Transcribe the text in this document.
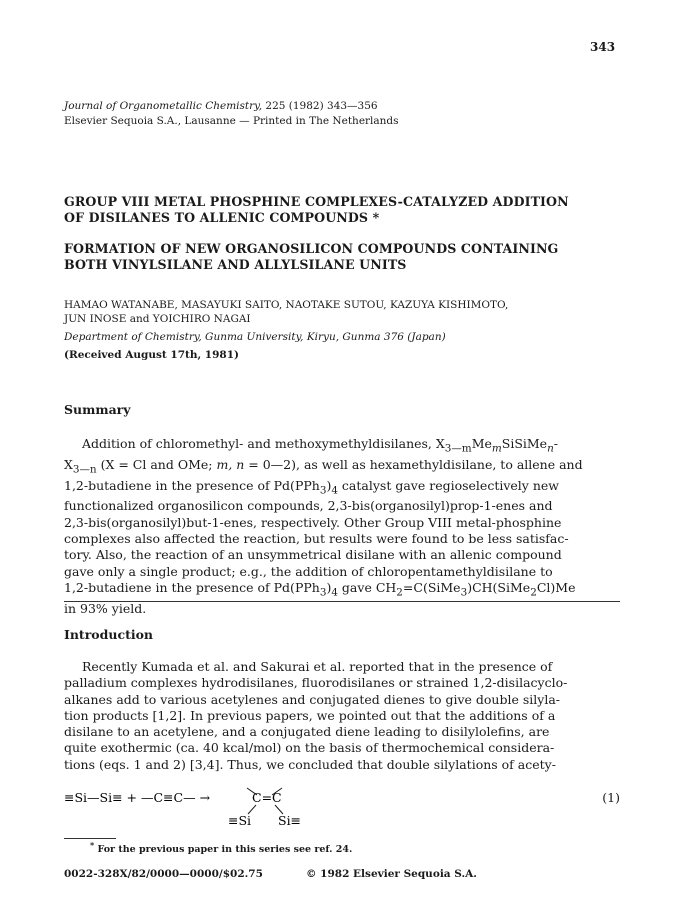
343
Journal of Organometallic Chemistry, 225 (1982) 343—356
Elsevier Sequoia S.A., Lausanne — Printed in The Netherlands
GROUP VIII METAL PHOSPHINE COMPLEXES-CATALYZED ADDITION
OF DISILANES TO ALLENIC COMPOUNDS *
FORMATION OF NEW ORGANOSILICON COMPOUNDS CONTAINING
BOTH VINYLSILANE AND ALLYLSILANE UNITS
HAMAO WATANABE, MASAYUKI SAITO, NAOTAKE SUTOU, KAZUYA KISHIMOTO,
JUN INOSE and YOICHIRO NAGAI
Department of Chemistry, Gunma University, Kiryu, Gunma 376 (Japan)
(Received August 17th, 1981)
Summary
Addition of chloromethyl- and methoxymethyldisilanes, $X_{3—m}Me_mSiSiMe_n-$
$X_{3—n}$ (X = Cl and OMe; m, n = 0—2), as well as hexamethyldisilane, to allene and
1,2-butadiene in the presence of $Pd(PPh_3)_4$ catalyst gave regioselectively new
functionalized organosilicon compounds, 2,3-bis(organosilyl)prop-1-enes and
2,3-bis(organosilyl)but-1-enes, respectively. Other Group VIII metal-phosphine
complexes also affected the reaction, but results were found to be less satisfac-
tory. Also, the reaction of an unsymmetrical disilane with an allenic compound
gave only a single product; e.g., the addition of chloropentamethyldisilane to
1,2-butadiene in the presence of $Pd(PPh_3)_4$ gave $CH_2=C(SiMe_3)CH(SiMe_2Cl)Me$
in 93% yield.
Introduction
Recently Kumada et al. and Sakurai et al. reported that in the presence of
palladium complexes hydrodisilanes, fluorodisilanes or strained 1,2-disilacyclo-
alkanes add to various acetylenes and conjugated dienes to give double silyla-
tion products [1,2]. In previous papers, we pointed out that the additions of a
disilane to an acetylene, and a conjugated diene leading to disilylolefins, are
quite exothermic (ca. 40 kcal/mol) on the basis of thermochemical considera-
tions (eqs. 1 and 2) [3,4]. Thus, we concluded that double silylations of acety-
≡Si—Si≡ + —C≡C— →	C=C
≡Si Si≡
(1)
* For the previous paper in this series see ref. 24.
0022-328X/82/0000—0000/$02.75	© 1982 Elsevier Sequoia S.A.
